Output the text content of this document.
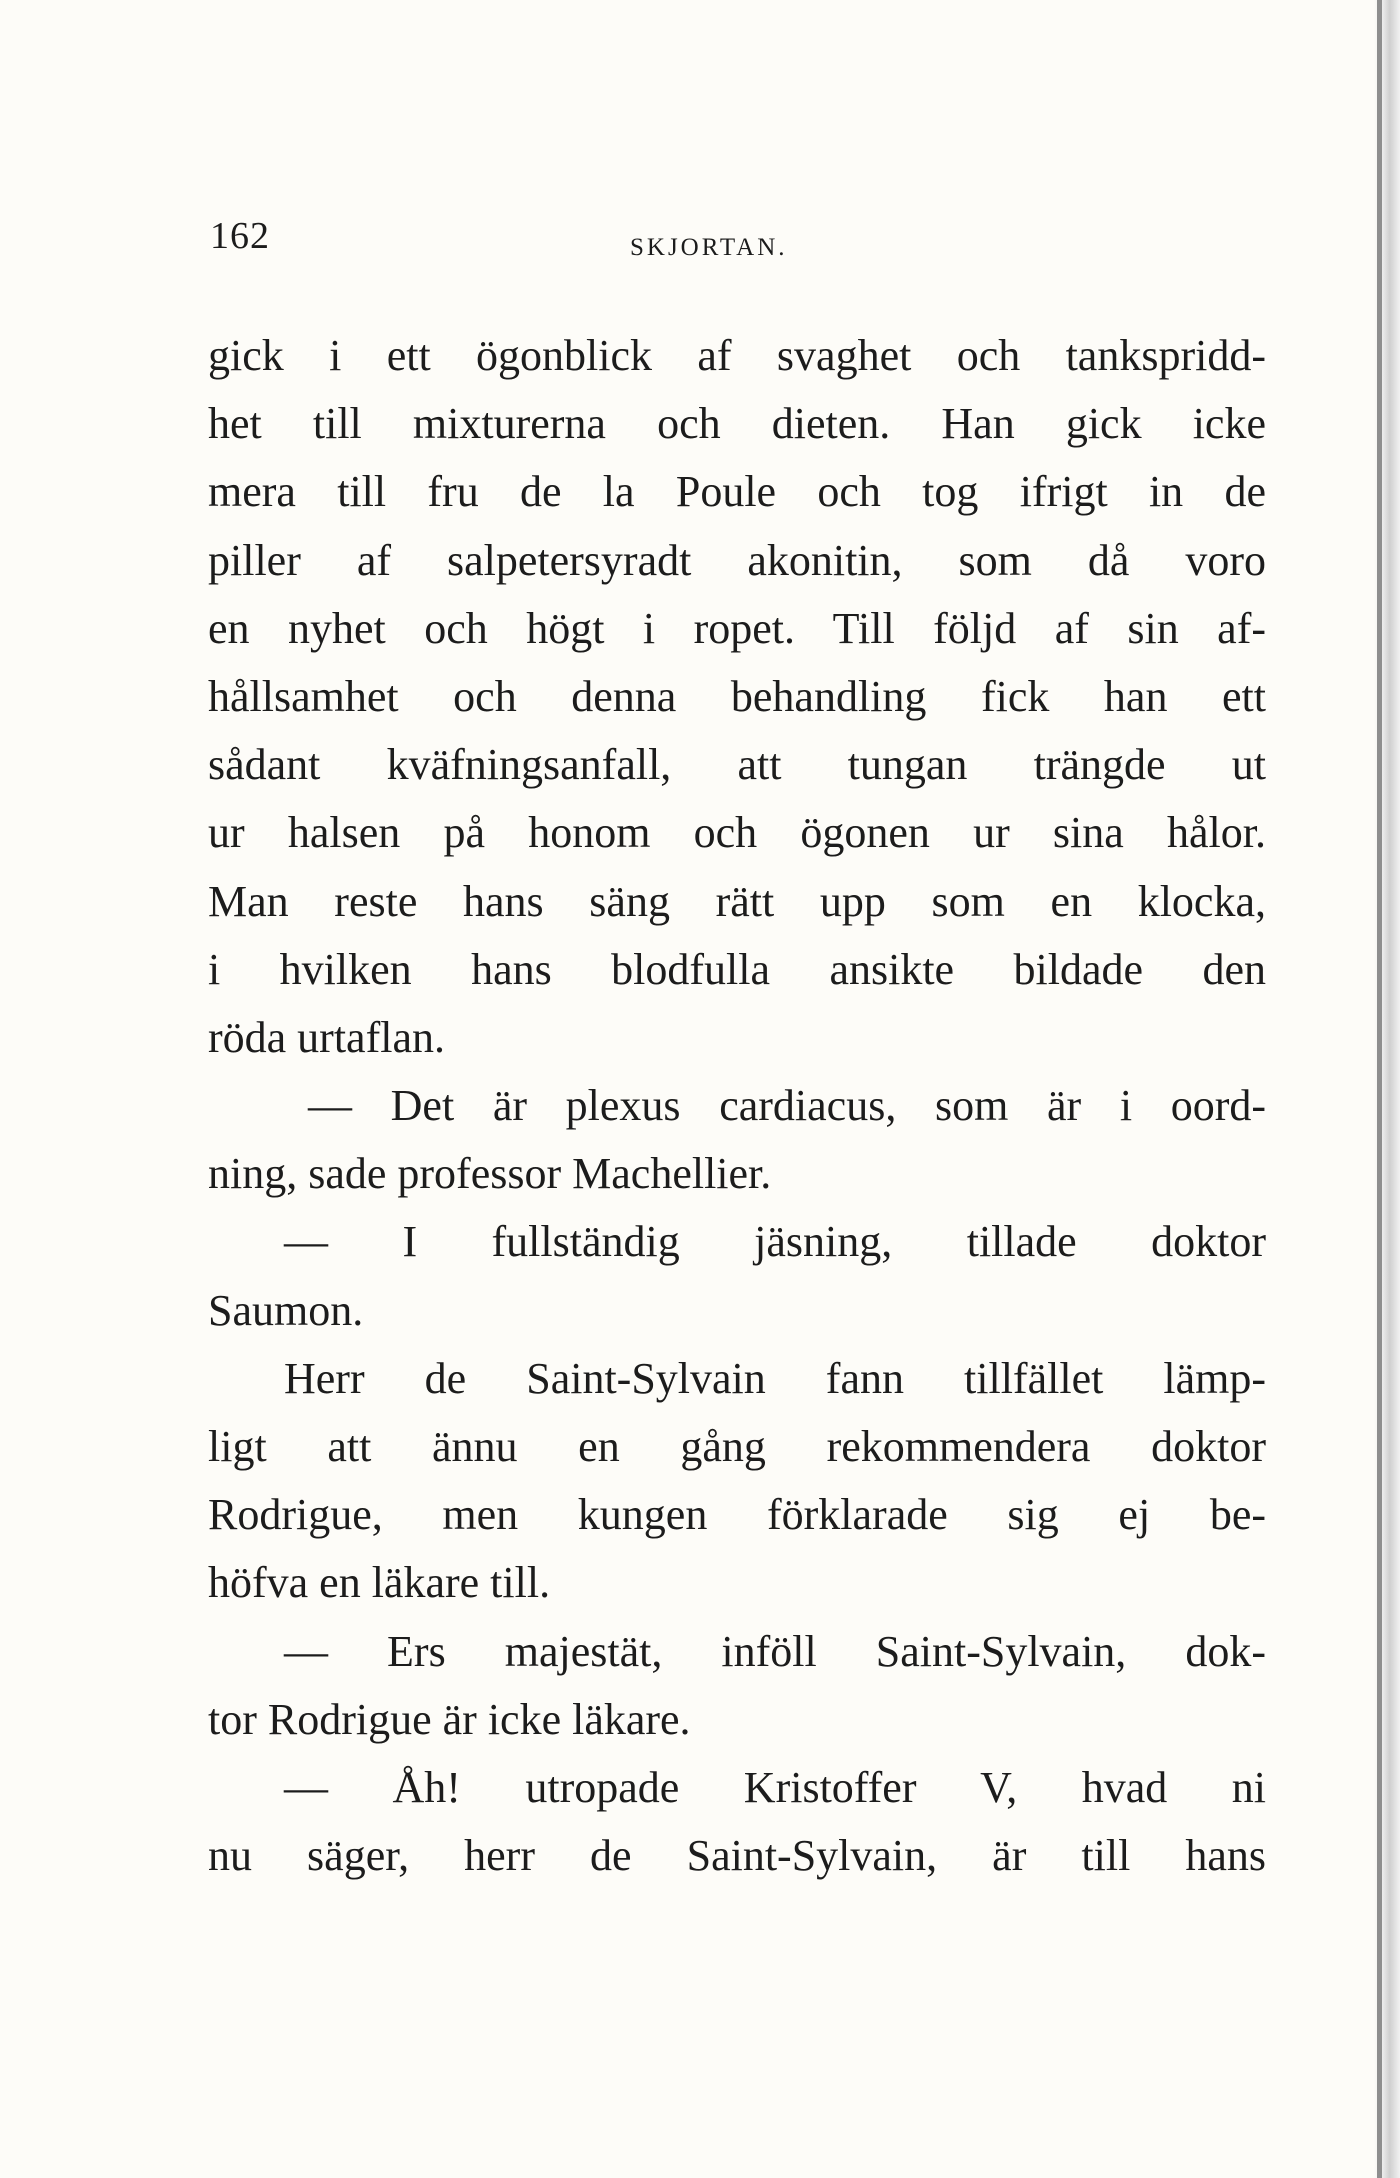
162	SKJORTAN.
gick i ett ögonblick af svaghet och tankspridd-
het till mixturerna och dieten. Han gick icke
mera till fru de la Poule och tog ifrigt in de
piller af salpetersyradt akonitin, som då voro
en nyhet och högt i ropet. Till följd af sin af-
hållsamhet och denna behandling fick han ett
sådant kväfningsanfall, att tungan trängde ut
ur halsen på honom och ögonen ur sina hålor.
Man reste hans säng rätt upp som en klocka,
i hvilken hans blodfulla ansikte bildade den
röda urtaflan.
— Det är plexus cardiacus, som är i oord-
ning, sade professor Machellier.
— I fullständig jäsning, tillade doktor
Saumon.
Herr de Saint-Sylvain fann tillfället lämp-
ligt att ännu en gång rekommendera doktor
Rodrigue, men kungen förklarade sig ej be-
höfva en läkare till.
— Ers majestät, inföll Saint-Sylvain, dok-
tor Rodrigue är icke läkare.
— Åh! utropade Kristoffer V, hvad ni
nu säger, herr de Saint-Sylvain, är till hans
